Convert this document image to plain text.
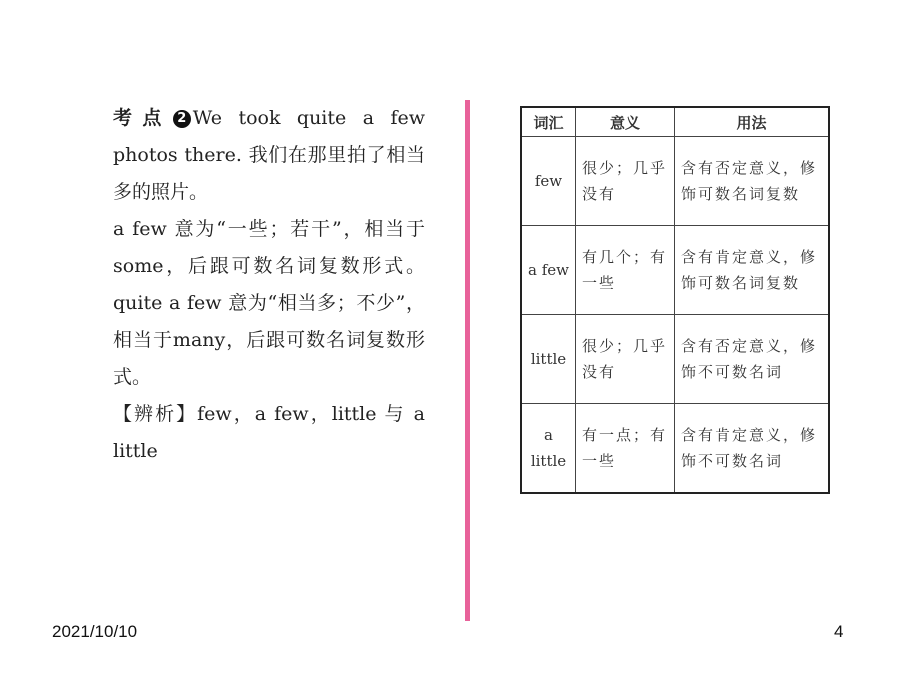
考点 2 We took quite a few photos there. 我们在那里拍了相当多的照片。

a few 意为“一些；若干”，相当于some，后跟可数名词复数形式。quite a few 意为“相当多；不少”，相当于many，后跟可数名词复数形式。

【辨析】few，a few，little 与 a little

词汇	意义	用法
few	很少；几乎没有	含有否定意义，修饰可数名词复数
a few	有几个；有一些	含有肯定意义，修饰可数名词复数
little	很少；几乎没有	含有否定意义，修饰不可数名词
a little	有一点；有一些	含有肯定意义，修饰不可数名词
2021/10/10	4
